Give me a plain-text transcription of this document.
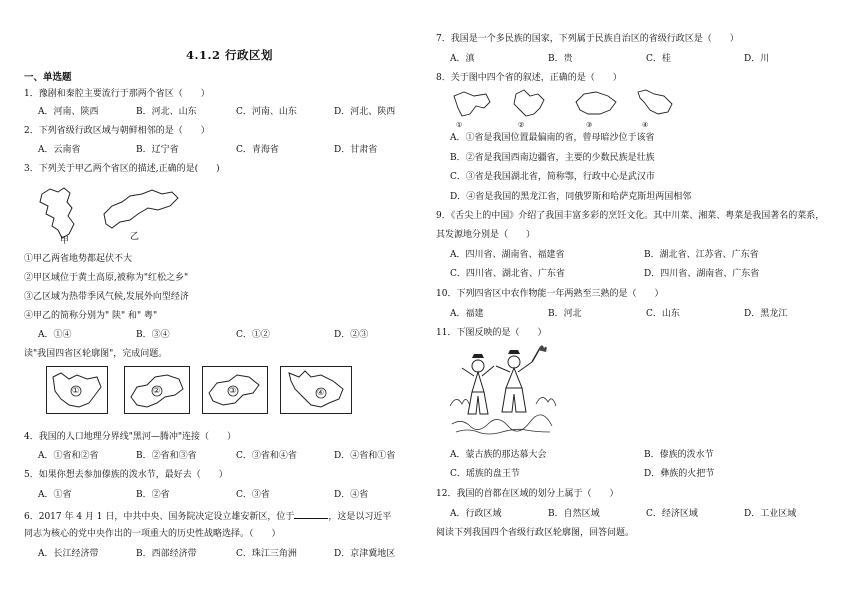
4.1.2 行政区划
一、单选题
1．豫剧和秦腔主要流行于那两个省区（　　）
A．河南、陕西	B．河北、山东	C．河南、山东	D．河北、陕西
2．下列省级行政区域与朝鲜相邻的是（　　）
A．云南省	B．辽宁省	C．青海省	D．甘肃省
3．下列关于甲乙两个省区的描述,正确的是(　　)
甲	乙
①甲乙两省地势都起伏不大
②甲区域位于黄土高原,被称为"红松之乡"
③乙区域为热带季风气候,发展外向型经济
④甲乙的简称分别为" 陕" 和" 粤"
A．①④	B．③④	C．①②	D．②③
读"我国四省区轮廓图"，完成问题。
①	②	③	④
4．我国的人口地理分界线"黑河—腾冲"连接（　　）
A．①省和②省	B．②省和③省	C．③省和④省	D．④省和①省
5．如果你想去参加傣族的泼水节，最好去（　　）
A．①省	B．②省	C．③省	D．④省
6．2017 年 4 月 1 日，中共中央、国务院决定设立雄安新区，位于	，这是以习近平
同志为核心的党中央作出的一项重大的历史性战略选择。（　　）
A．长江经济带	B．西部经济带	C．珠江三角洲	D．京津冀地区
7．我国是一个多民族的国家，下列属于民族自治区的省级行政区是（　　）
A．滇	B．贵	C．桂	D．川
8．关于图中四个省的叙述，正确的是（　　）
①	②	③	④
A．①省是我国位置最偏南的省，曾母暗沙位于该省
B．②省是我国西南边疆省，主要的少数民族是壮族
C．③省是我国湖北省，简称鄂，行政中心是武汉市
D．④省是我国的黑龙江省，同俄罗斯和哈萨克斯坦两国相邻
9．《舌尖上的中国》介绍了我国丰富多彩的烹饪文化。其中川菜、湘菜、粤菜是我国著名的菜系，
其发源地分别是（　　）
A．四川省、湖南省、福建省	B．湖北省、江苏省、广东省
C．四川省、湖北省、广东省	D．四川省、湖南省、广东省
10．下列四省区中农作物能一年两熟至三熟的是（　　）
A．福建	B．河北	C．山东	D．黑龙江
11．下图反映的是（　　）
A．蒙古族的那达慕大会	B．傣族的泼水节
C．瑶族的盘王节	D．彝族的火把节
12．我国的首都在区域的划分上属于（　　）
A．行政区域	B．自然区域	C．经济区域	D．工业区域
阅读下列我国四个省级行政区轮廓图，回答问题。
